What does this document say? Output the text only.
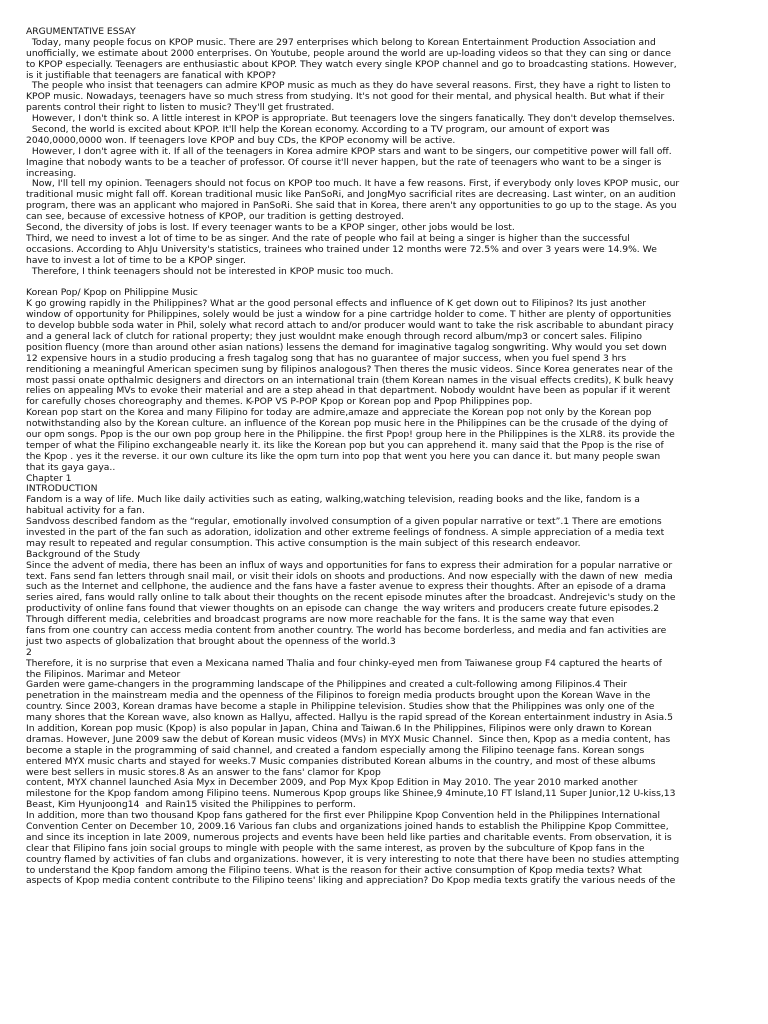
ARGUMENTATIVE ESSAY
Today, many people focus on KPOP music. There are 297 enterprises which belong to Korean Entertainment Production Association and
unofficially, we estimate about 2000 enterprises. On Youtube, people around the world are up-loading videos so that they can sing or dance
to KPOP especially. Teenagers are enthusiastic about KPOP. They watch every single KPOP channel and go to broadcasting stations. However,
is it justifiable that teenagers are fanatical with KPOP?
The people who insist that teenagers can admire KPOP music as much as they do have several reasons. First, they have a right to listen to
KPOP music. Nowadays, teenagers have so much stress from studying. It's not good for their mental, and physical health. But what if their
parents control their right to listen to music? They'll get frustrated.
However, I don't think so. A little interest in KPOP is appropriate. But teenagers love the singers fanatically. They don't develop themselves.
Second, the world is excited about KPOP. It'll help the Korean economy. According to a TV program, our amount of export was
2040,0000,0000 won. If teenagers love KPOP and buy CDs, the KPOP economy will be active.
However, I don't agree with it. If all of the teenagers in Korea admire KPOP stars and want to be singers, our competitive power will fall off.
Imagine that nobody wants to be a teacher of professor. Of course it'll never happen, but the rate of teenagers who want to be a singer is
increasing.
Now, I'll tell my opinion. Teenagers should not focus on KPOP too much. It have a few reasons. First, if everybody only loves KPOP music, our
traditional music might fall off. Korean traditional music like PanSoRi, and JongMyo sacrificial rites are decreasing. Last winter, on an audition
program, there was an applicant who majored in PanSoRi. She said that in Korea, there aren't any opportunities to go up to the stage. As you
can see, because of excessive hotness of KPOP, our tradition is getting destroyed.
Second, the diversity of jobs is lost. If every teenager wants to be a KPOP singer, other jobs would be lost.
Third, we need to invest a lot of time to be as singer. And the rate of people who fail at being a singer is higher than the successful
occasions. According to AhJu University's statistics, trainees who trained under 12 months were 72.5% and over 3 years were 14.9%. We
have to invest a lot of time to be a KPOP singer.
Therefore, I think teenagers should not be interested in KPOP music too much.
Korean Pop/ Kpop on Philippine Music
K go growing rapidly in the Philippines? What ar the good personal effects and influence of K get down out to Filipinos? Its just another
window of opportunity for Philippines, solely would be just a window for a pine cartridge holder to come. T hither are plenty of opportunities
to develop bubble soda water in Phil, solely what record attach to and/or producer would want to take the risk ascribable to abundant piracy
and a general lack of clutch for rational property; they just wouldnt make enough through record album/mp3 or concert sales. Filipino
position fluency (more than around other asian nations) lessens the demand for imaginative tagalog songwriting. Why would you set down
12 expensive hours in a studio producing a fresh tagalog song that has no guarantee of major success, when you fuel spend 3 hrs
renditioning a meaningful American specimen sung by filipinos analogous? Then theres the music videos. Since Korea generates near of the
most passi onate opthalmic designers and directors on an international train (them Korean names in the visual effects credits), K bulk heavy
relies on appealing MVs to evoke their material and are a step ahead in that department. Nobody wouldnt have been as popular if it werent
for carefully choses choreography and themes. K-POP VS P-POP Kpop or Korean pop and Ppop Philippines pop.
Korean pop start on the Korea and many Filipino for today are admire,amaze and appreciate the Korean pop not only by the Korean pop
notwithstanding also by the Korean culture. an influence of the Korean pop music here in the Philippines can be the crusade of the dying of
our opm songs. Ppop is the our own pop group here in the Philippine. the first Ppop! group here in the Philippines is the XLR8. its provide the
temper of what the Filipino exchangeable nearly it. its like the Korean pop but you can apprehend it. many said that the Ppop is the rise of
the Kpop . yes it the reverse. it our own culture its like the opm turn into pop that went you here you can dance it. but many people swan
that its gaya gaya..
Chapter 1
INTRODUCTION
Fandom is a way of life. Much like daily activities such as eating, walking,watching television, reading books and the like, fandom is a
habitual activity for a fan.
Sandvoss described fandom as the “regular, emotionally involved consumption of a given popular narrative or text”.1 There are emotions
invested in the part of the fan such as adoration, idolization and other extreme feelings of fondness. A simple appreciation of a media text
may result to repeated and regular consumption. This active consumption is the main subject of this research endeavor.
Background of the Study
Since the advent of media, there has been an influx of ways and opportunities for fans to express their admiration for a popular narrative or
text. Fans send fan letters through snail mail, or visit their idols on shoots and productions. And now especially with the dawn of new  media
such as the Internet and cellphone, the audience and the fans have a faster avenue to express their thoughts. After an episode of a drama
series aired, fans would rally online to talk about their thoughts on the recent episode minutes after the broadcast. Andrejevic's study on the
productivity of online fans found that viewer thoughts on an episode can change  the way writers and producers create future episodes.2
Through different media, celebrities and broadcast programs are now more reachable for the fans. It is the same way that even
fans from one country can access media content from another country. The world has become borderless, and media and fan activities are
just two aspects of globalization that brought about the openness of the world.3
2
Therefore, it is no surprise that even a Mexicana named Thalia and four chinky-eyed men from Taiwanese group F4 captured the hearts of
the Filipinos. Marimar and Meteor
Garden were game-changers in the programming landscape of the Philippines and created a cult-following among Filipinos.4 Their
penetration in the mainstream media and the openness of the Filipinos to foreign media products brought upon the Korean Wave in the
country. Since 2003, Korean dramas have become a staple in Philippine television. Studies show that the Philippines was only one of the
many shores that the Korean wave, also known as Hallyu, affected. Hallyu is the rapid spread of the Korean entertainment industry in Asia.5
In addition, Korean pop music (Kpop) is also popular in Japan, China and Taiwan.6 In the Philippines, Filipinos were only drawn to Korean
dramas. However, June 2009 saw the debut of Korean music videos (MVs) in MYX Music Channel.  Since then, Kpop as a media content, has
become a staple in the programming of said channel, and created a fandom especially among the Filipino teenage fans. Korean songs
entered MYX music charts and stayed for weeks.7 Music companies distributed Korean albums in the country, and most of these albums
were best sellers in music stores.8 As an answer to the fans' clamor for Kpop
content, MYX channel launched Asia Myx in December 2009, and Pop Myx Kpop Edition in May 2010. The year 2010 marked another
milestone for the Kpop fandom among Filipino teens. Numerous Kpop groups like Shinee,9 4minute,10 FT Island,11 Super Junior,12 U-kiss,13
Beast, Kim Hyunjoong14  and Rain15 visited the Philippines to perform.
In addition, more than two thousand Kpop fans gathered for the first ever Philippine Kpop Convention held in the Philippines International
Convention Center on December 10, 2009.16 Various fan clubs and organizations joined hands to establish the Philippine Kpop Committee,
and since its inception in late 2009, numerous projects and events have been held like parties and charitable events. From observation, it is
clear that Filipino fans join social groups to mingle with people with the same interest, as proven by the subculture of Kpop fans in the
country flamed by activities of fan clubs and organizations. however, it is very interesting to note that there have been no studies attempting
to understand the Kpop fandom among the Filipino teens. What is the reason for their active consumption of Kpop media texts? What
aspects of Kpop media content contribute to the Filipino teens' liking and appreciation? Do Kpop media texts gratify the various needs of the
